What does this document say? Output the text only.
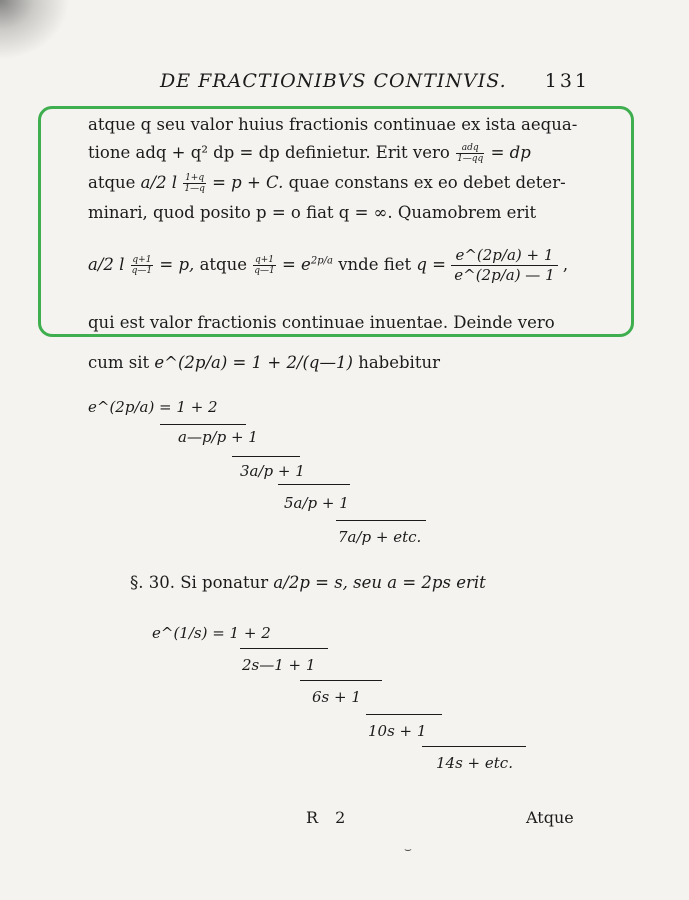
DE FRACTIONIBVS CONTINVIS. 131
atque q seu valor huius fractionis continuae ex ista aequa-
tione adq + q² dp = dp definietur. Erit vero $\frac{\text{adq}}{1—qq}$ = dp
atque a/2 l $\frac{1+q}{1—q} = p + C$. quae constans ex eo debet deter-
minari, quod posito p = o fiat q = ∞. Quamobrem erit
a/2 l $\frac{q+1}{q—1} = p$, atque $\frac{q+1}{q—1} = e^{2p/a}$ vnde fiet $q = \frac{e\^{}(2p/a) + 1}{e\^{}(2p/a) — 1}$ ,
qui est valor fractionis continuae inuentae. Deinde vero
cum sit e^(2p/a) = 1 + 2/(q—1) habebitur
e^(2p/a) = 1 + 2
a—p/p + 1
3a/p + 1
5a/p + 1
7a/p + etc.
§. 30. Si ponatur a/2p = s, seu a = 2ps erit
e^(1/s) = 1 + 2
2s—1 + 1
6s + 1
10s + 1
14s + etc.
R 2	Atque
⌣
